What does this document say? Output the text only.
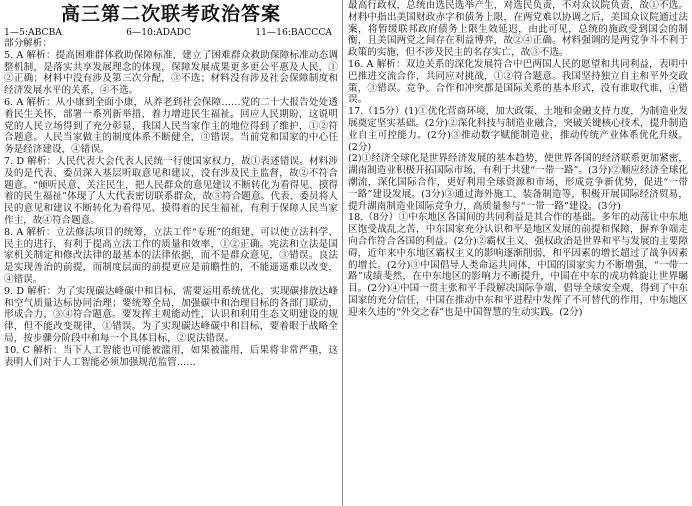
高三第二次联考政治答案
1—5:ABCBA	6—10:ADADC	11—16:BACCCA

部分解析：

5. A 解析：提高困难群体救助保障标准，建立了困难群众救助保障标准动态调整机制，是落实共享发展理念的体现，保障发展成果更多更公平惠及人民，①②正确；材料中没有涉及第三次分配，③不选；材料没有涉及社会保障制度和经济发展水平的关系，④不选。

6. A 解析：从小康到全面小康，从养老到社会保障……党的二十大报告处处透着民生关怀，部署一系列新举措，着力增进民生福祉。回应人民期盼，这说明党的人民立场得到了充分彰显，我国人民当家作主的地位得到了维护，①②符合题意。人民当家做主的制度体系不断健全，③错误。当前党和国家的中心任务是经济建设，④错误。

7. D 解析：人民代表大会代表人民统一行使国家权力，故①表述错误。材料涉及的是代表、委员深入基层听取意见和建议，没有涉及民主监督，故②不符合题意。“倾听民意、关注民生，把人民群众的意见建议不断转化为看得见、摸得着的民生福祉”体现了人大代表密切联系群众，故③符合题意。代表、委员将人民的意见和建议不断转化为看得见、摸得着的民生福祉，有利于保障人民当家作主，故④符合题意。

8. A 解析：立法修法项目的统筹，立法工作“专班”的组建，可以使立法科学、民主的进行，有利于提高立法工作的质量和效率，①②正确。宪法和立法是国家机关制定和修改法律的最基本的法律依据，而不是群众意见，③错误。良法是实现善治的前提，而制度层面的前提更应是前瞻性的，不能遥遥难以改变，④错误。

9. D 解析：为了实现碳达峰碳中和目标，需要运用系统优化，实现碳排放达峰和空气质量达标协同治理；要统筹全局，加强碳中和治理目标的各部门联动，形成合力，③④符合题意。要发挥主观能动性，认识和利用生态文明建设的规律，但不能改变规律，①错误。为了实现碳达峰碳中和目标，要着眼于战略全局，按步骤分阶段中和每一个具体目标，②说法错误。

10. C 解析：当下人工智能也可能被滥用，如果被滥用，后果将非常严重，这表明人们对于人工智能必须加强规范监管……

最高行政权，总统由选民选举产生，对选民负责，不对众议院负责，故①不选。材料中指出美国财政赤字和债务上限，在两党难以协调之后，美国众议院通过法案，将暂缓联邦政府债务上限生效延迟，由此可见，总统的施政受到国会的制衡，且美国两党之间存在利益博弈，故②④正确。材料强调的是两党争斗不利于政策的实施，但不涉及民主的名存实亡，故③不选。

16. A 解析：双边关系的深化发展符合中巴两国人民的愿望和共同利益，表明中巴推进交流合作，共同应对挑战，①②符合题意。我国坚持独立自主和平外交政策，③错误。竞争、合作和冲突都是国际关系的基本形式，没有谁取代谁，④错误。

17.（15分）(1)①优化营商环境，加大政策、土地和金融支持力度，为制造业发展奠定坚实基础。(2分)②深化科技与制造业融合，突破关键核心技术，提升制造业自主可控能力。(2分)③推动数字赋能制造业，推动传统产业体系优化升级。(2分)

(2)①经济全球化是世界经济发展的基本趋势，使世界各国的经济联系更加紧密，湖南制造业积极开拓国际市场，有利于共建“一带一路”。(3分)②顺应经济全球化潮流，深化国际合作，更好利用全球资源和市场，形成竞争新优势，促进“一带一路”建设发展。(3分)③通过海外施工、装备制造等，积极开展国际经济贸易，提升湖南制造业国际竞争力，高质量参与“一带一路”建设。(3分)

18.（8分）①中东地区各国间的共同利益是其合作的基础。多年的动荡让中东地区饱受战乱之苦，中东国家充分认识和平是地区发展的前提和保障，摒弃争端走向合作符合各国的利益。(2分)②霸权主义、强权政治是世界和平与发展的主要障碍，近年来中东地区霸权主义的影响逐渐削弱，和平因素的增长超过了战争因素的增长。(2分)③中国倡导人类命运共同体，中国的国家实力不断增强，“一带一路”成绩斐然，在中东地区的影响力不断提升，中国在中东的成功斡旋让世界瞩目。(2分)④中国一贯主张和平手段解决国际争端，倡导全球安全观，得到了中东国家的充分信任，中国在推动中东和平进程中发挥了不可替代的作用，中东地区迎来久违的“外交之春”也是中国智慧的生动实践。(2分)
